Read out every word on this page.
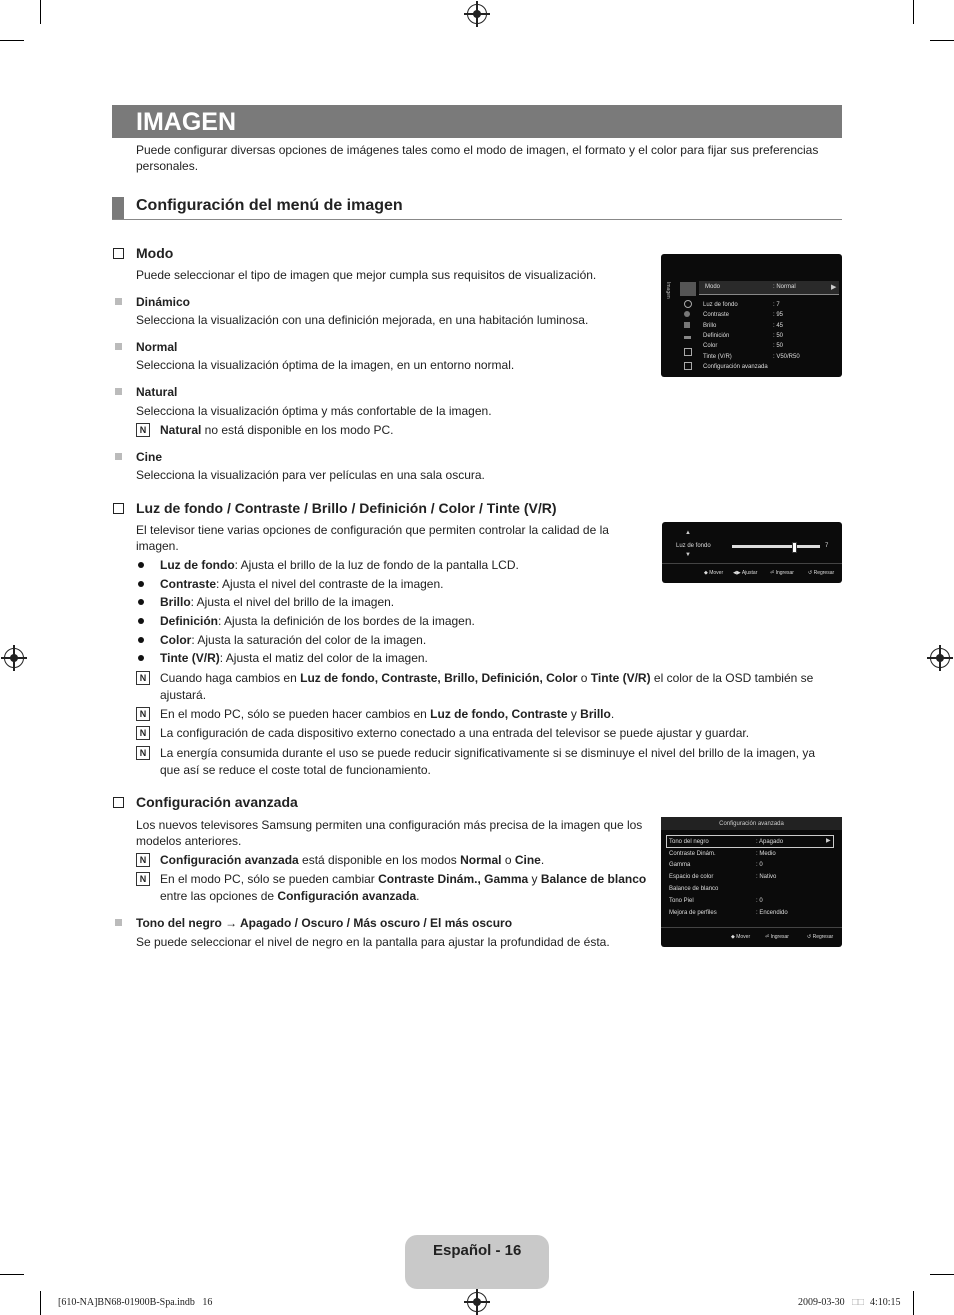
IMAGEN
Puede configurar diversas opciones de imágenes tales como el modo de imagen, el formato y el color para fijar sus preferencias personales.
Configuración del menú de imagen
Modo
Puede seleccionar el tipo de imagen que mejor cumpla sus requisitos de visualización.
Dinámico
Selecciona la visualización con una definición mejorada, en una habitación luminosa.
Normal
Selecciona la visualización óptima de la imagen, en un entorno normal.
Natural
Selecciona la visualización óptima y más confortable de la imagen.
N	Natural no está disponible en los modo PC.
Cine
Selecciona la visualización para ver películas en una sala oscura.
Imagen	Modo	: Normal	▶
Luz de fondo	: 7
Contraste	: 95
Brillo	: 45
Definición	: 50
Color	: 50
Tinte (V/R)	: V50/R50
Configuración avanzada
Luz de fondo / Contraste / Brillo / Definición / Color / Tinte (V/R)
El televisor tiene varias opciones de configuración que permiten controlar la calidad de la imagen.
Luz de fondo: Ajusta el brillo de la luz de fondo de la pantalla LCD.
Contraste: Ajusta el nivel del contraste de la imagen.
Brillo: Ajusta el nivel del brillo de la imagen.
Definición: Ajusta la definición de los bordes de la imagen.
Color: Ajusta la saturación del color de la imagen.
Tinte (V/R): Ajusta el matiz del color de la imagen.
N	Cuando haga cambios en Luz de fondo, Contraste, Brillo, Definición, Color o Tinte (V/R) el color de la OSD también se
ajustará.
N	En el modo PC, sólo se pueden hacer cambios en Luz de fondo, Contraste y Brillo.
N	La configuración de cada dispositivo externo conectado a una entrada del televisor se puede ajustar y guardar.
N	La energía consumida durante el uso se puede reducir significativamente si se disminuye el nivel del brillo de la imagen, ya
que así se reduce el coste total de funcionamiento.
▲
Luz de fondo
▼
7
◆ Mover ◀▶ Ajustar	⏎ Ingresar	↺ Regresar
Configuración avanzada
Los nuevos televisores Samsung permiten una configuración más precisa de la imagen que los
modelos anteriores.
N	Configuración avanzada está disponible en los modos Normal o Cine.
N	En el modo PC, sólo se pueden cambiar Contraste Dinám., Gamma y Balance de blanco
entre las opciones de Configuración avanzada.
Tono del negro → Apagado / Oscuro / Más oscuro / El más oscuro
Se puede seleccionar el nivel de negro en la pantalla para ajustar la profundidad de ésta.
Configuración avanzada
▶
Tono del negro	: Apagado
Contraste Dinám.	: Medio
Gamma	: 0
Espacio de color	: Nativo
Balance de blanco
Tono Piel	: 0
Mejora de perfiles	: Encendido
◆ Mover	⏎ Ingresar	↺ Regresar
Español - 16
[610-NA]BN68-01900B-Spa.indb   16	2009-03-30 □□ 4:10:15
